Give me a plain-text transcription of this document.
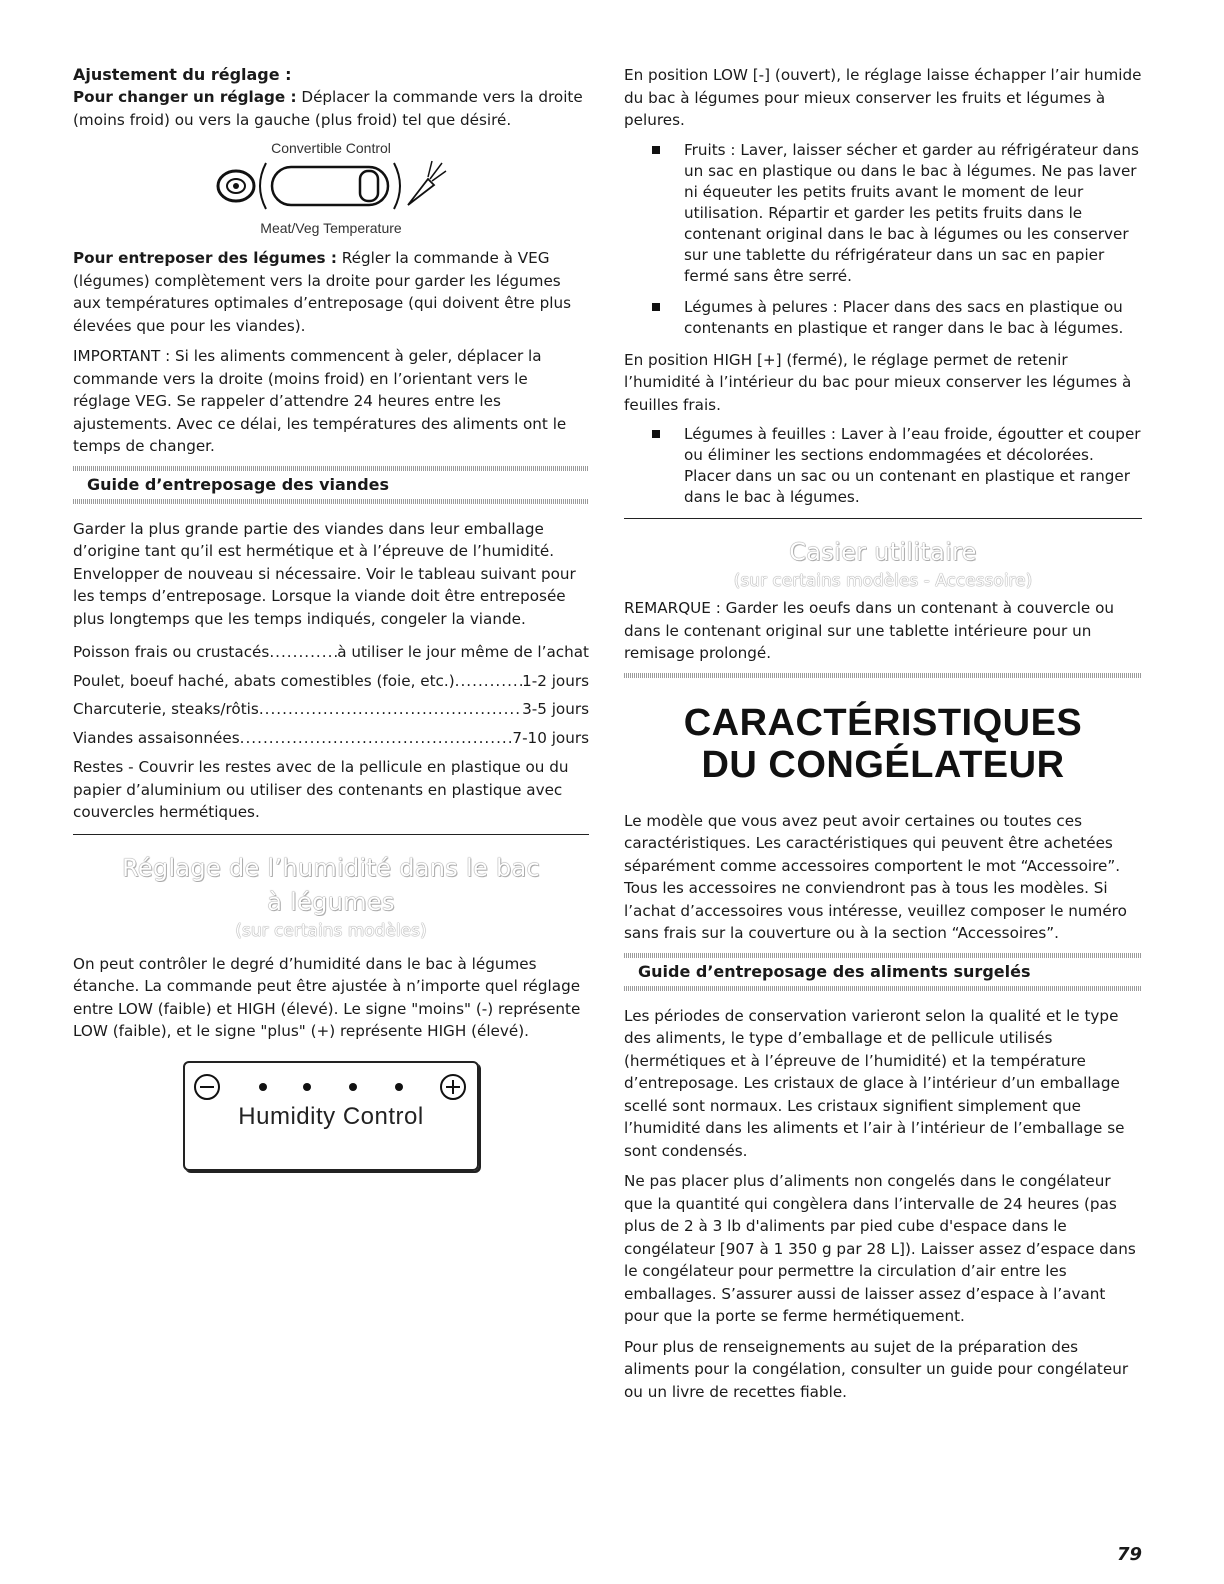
Ajustement du réglage :

Pour changer un réglage : Déplacer la commande vers la droite (moins froid) ou vers la gauche (plus froid) tel que désiré.

Convertible Control
Meat/Veg Temperature

Pour entreposer des légumes : Régler la commande à VEG (légumes) complètement vers la droite pour garder les légumes aux températures optimales d’entreposage (qui doivent être plus élevées que pour les viandes).

IMPORTANT : Si les aliments commencent à geler, déplacer la commande vers la droite (moins froid) en l’orientant vers le réglage VEG. Se rappeler d’attendre 24 heures entre les ajustements. Avec ce délai, les températures des aliments ont le temps de changer.

Guide d’entreposage des viandes

Garder la plus grande partie des viandes dans leur emballage d’origine tant qu’il est hermétique et à l’épreuve de l’humidité. Envelopper de nouveau si nécessaire. Voir le tableau suivant pour les temps d’entreposage. Lorsque la viande doit être entreposée plus longtemps que les temps indiqués, congeler la viande.

Poisson frais ou crustacés .....	à utiliser le jour même de l’achat
Poulet, boeuf haché, abats comestibles (foie, etc.) .....	1-2 jours
Charcuterie, steaks/rôtis .....	3-5 jours
Viandes assaisonnées .....	7-10 jours

Restes - Couvrir les restes avec de la pellicule en plastique ou du papier d’aluminium ou utiliser des contenants en plastique avec couvercles hermétiques.

Réglage de l’humidité dans le bac
à légumes
(sur certains modèles)

On peut contrôler le degré d’humidité dans le bac à légumes étanche. La commande peut être ajustée à n’importe quel réglage entre LOW (faible) et HIGH (élevé). Le signe "moins" (-) représente LOW (faible), et le signe "plus" (+) représente HIGH (élevé).

Humidity Control

En position LOW [-] (ouvert), le réglage laisse échapper l’air humide du bac à légumes pour mieux conserver les fruits et légumes à pelures.

Fruits : Laver, laisser sécher et garder au réfrigérateur dans un sac en plastique ou dans le bac à légumes. Ne pas laver ni équeuter les petits fruits avant le moment de leur utilisation. Répartir et garder les petits fruits dans le contenant original dans le bac à légumes ou les conserver sur une tablette du réfrigérateur dans un sac en papier fermé sans être serré.
Légumes à pelures : Placer dans des sacs en plastique ou contenants en plastique et ranger dans le bac à légumes.

En position HIGH [+] (fermé), le réglage permet de retenir l’humidité à l’intérieur du bac pour mieux conserver les légumes à feuilles frais.

Légumes à feuilles : Laver à l’eau froide, égoutter et couper ou éliminer les sections endommagées et décolorées. Placer dans un sac ou un contenant en plastique et ranger dans le bac à légumes.
Casier utilitaire
(sur certains modèles - Accessoire)

REMARQUE : Garder les oeufs dans un contenant à couvercle ou dans le contenant original sur une tablette intérieure pour un remisage prolongé.

CARACTÉRISTIQUES
DU CONGÉLATEUR

Le modèle que vous avez peut avoir certaines ou toutes ces caractéristiques. Les caractéristiques qui peuvent être achetées séparément comme accessoires comportent le mot “Accessoire”. Tous les accessoires ne conviendront pas à tous les modèles. Si l’achat d’accessoires vous intéresse, veuillez composer le numéro sans frais sur la couverture ou à la section “Accessoires”.

Guide d’entreposage des aliments surgelés

Les périodes de conservation varieront selon la qualité et le type des aliments, le type d’emballage et de pellicule utilisés (hermétiques et à l’épreuve de l’humidité) et la température d’entreposage. Les cristaux de glace à l’intérieur d’un emballage scellé sont normaux. Les cristaux signifient simplement que l’humidité dans les aliments et l’air à l’intérieur de l’emballage se sont condensés.

Ne pas placer plus d’aliments non congelés dans le congélateur que la quantité qui congèlera dans l’intervalle de 24 heures (pas plus de 2 à 3 lb d'aliments par pied cube d'espace dans le congélateur [907 à 1 350 g par 28 L]). Laisser assez d’espace dans le congélateur pour permettre la circulation d’air entre les emballages. S’assurer aussi de laisser assez d’espace à l’avant pour que la porte se ferme hermétiquement.

Pour plus de renseignements au sujet de la préparation des aliments pour la congélation, consulter un guide pour congélateur ou un livre de recettes fiable.

79
